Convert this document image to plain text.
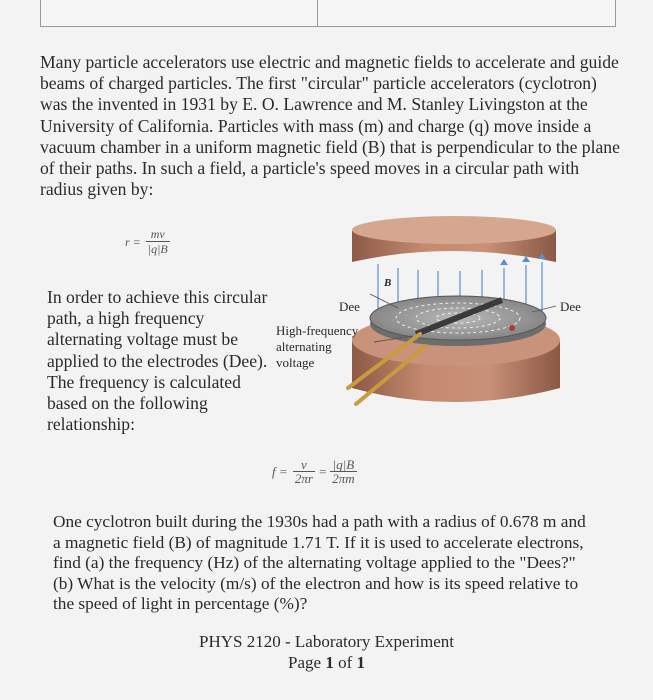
Many particle accelerators use electric and magnetic fields to accelerate and guide beams of charged particles. The first "circular" particle accelerators (cyclotron) was the invented in 1931 by E. O. Lawrence and M. Stanley Livingston at the University of California. Particles with mass (m) and charge (q) move inside a vacuum chamber in a uniform magnetic field (B) that is perpendicular to the plane of their paths. In such a field, a particle's speed moves in a circular path with radius given by:

$r = \frac{mv}{|q|B}$

In order to achieve this circular path, a high frequency alternating voltage must be applied to the electrodes (Dee). The frequency is calculated based on the following relationship:

B
Dee	Dee
High-frequency
alternating
voltage
$f = \frac{v}{2\pi r} = \frac{|q|B}{2\pi m}$

One cyclotron built during the 1930s had a path with a radius of 0.678 m and a magnetic field (B) of magnitude 1.71 T. If it is used to accelerate electrons, find (a) the frequency (Hz) of the alternating voltage applied to the "Dees?" (b) What is the velocity (m/s) of the electron and how is its speed relative to the speed of light in percentage (%)?

PHYS 2120 - Laboratory Experiment
Page 1 of 1
